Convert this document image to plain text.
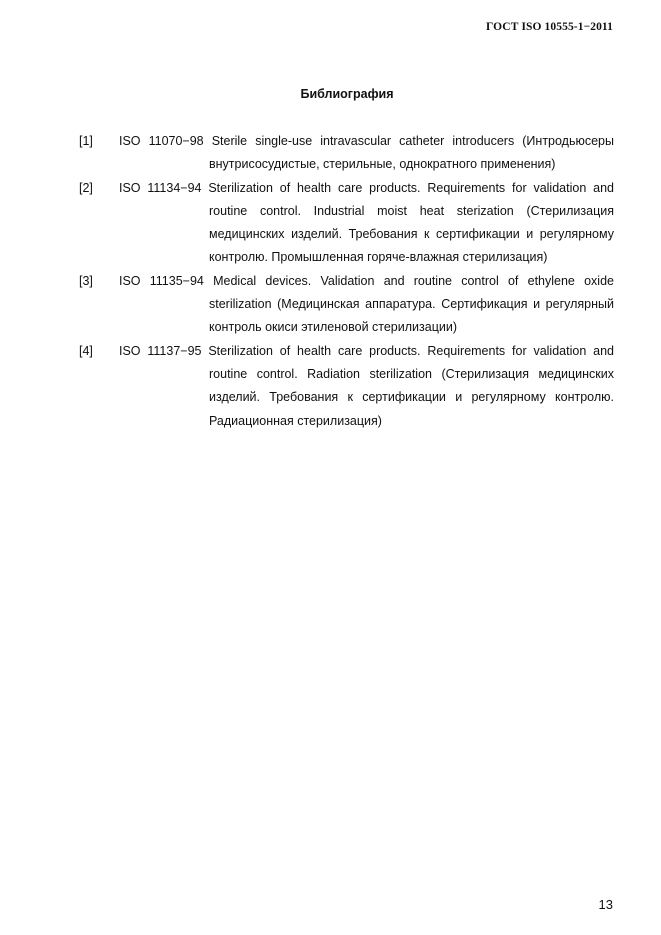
ГОСТ ISO 10555-1−2011
Библиография
[1]	ISO 11070−98 Sterile single-use intravascular catheter introducers (Интродьюсеры внутрисосудистые, стерильные, однократного применения)
[2]	ISO 11134−94 Sterilization of health care products. Requirements for validation and routine control. Industrial moist heat sterization (Стерилизация медицинских изделий. Требования к сертификации и регулярному контролю. Промышленная горяче-влажная стерилизация)
[3]	ISO 11135−94 Medical devices. Validation and routine control of ethylene oxide sterilization (Медицинская аппаратура. Сертификация и регулярный контроль окиси этиленовой стерилизации)
[4]	ISO 11137−95 Sterilization of health care products. Requirements for validation and routine control. Radiation sterilization (Стерилизация медицинских изделий. Требования к сертификации и регулярному контролю. Радиационная стерилизация)
13
